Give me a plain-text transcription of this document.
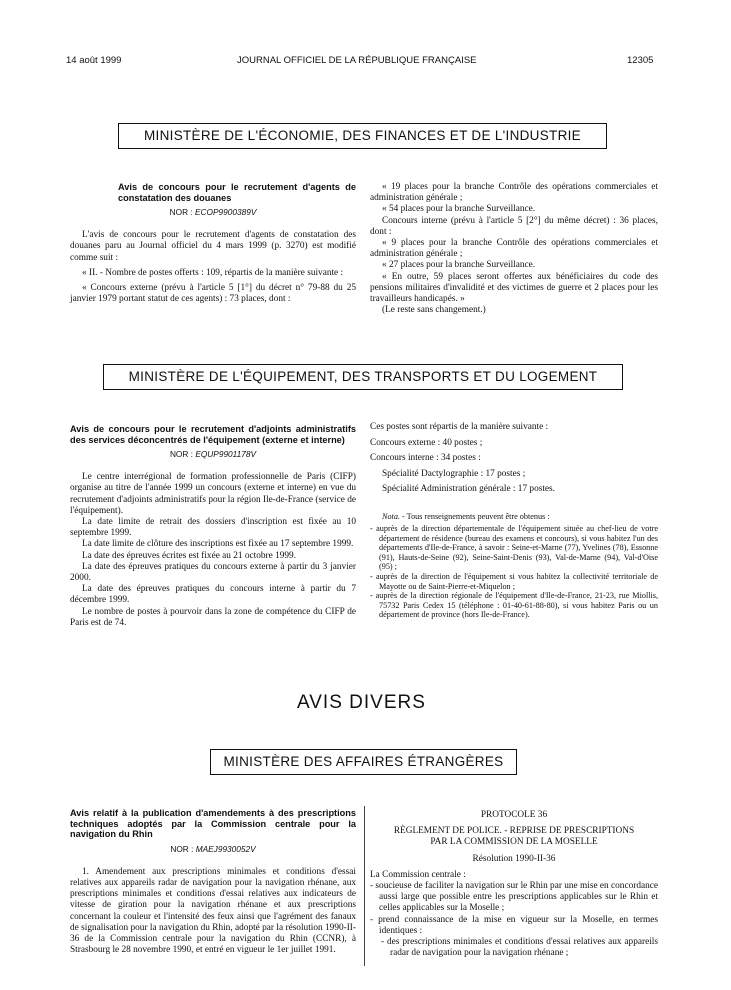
14 août 1999	JOURNAL OFFICIEL DE LA RÉPUBLIQUE FRANÇAISE	12305
MINISTÈRE DE L'ÉCONOMIE, DES FINANCES ET DE L'INDUSTRIE
Avis de concours pour le recrutement d'agents de constatation des douanes
NOR : ECOP9900389V

L'avis de concours pour le recrutement d'agents de constatation des douanes paru au Journal officiel du 4 mars 1999 (p. 3270) est modifié comme suit :

« II. - Nombre de postes offerts : 109, répartis de la manière suivante :

« Concours externe (prévu à l'article 5 [1°] du décret n° 79-88 du 25 janvier 1979 portant statut de ces agents) : 73 places, dont :

« 19 places pour la branche Contrôle des opérations commerciales et administration générale ;

« 54 places pour la branche Surveillance.

Concours interne (prévu à l'article 5 [2°] du même décret) : 36 places, dont :

« 9 places pour la branche Contrôle des opérations commerciales et administration générale ;

« 27 places pour la branche Surveillance.

« En outre, 59 places seront offertes aux bénéficiaires du code des pensions militaires d'invalidité et des victimes de guerre et 2 places pour les travailleurs handicapés. »

(Le reste sans changement.)

MINISTÈRE DE L'ÉQUIPEMENT, DES TRANSPORTS ET DU LOGEMENT
Avis de concours pour le recrutement d'adjoints administratifs des services déconcentrés de l'équipement (externe et interne)
NOR : EQUP9901178V

Le centre interrégional de formation professionnelle de Paris (CIFP) organise au titre de l'année 1999 un concours (externe et interne) en vue du recrutement d'adjoints administratifs pour la région Ile-de-France (service de l'équipement).

La date limite de retrait des dossiers d'inscription est fixée au 10 septembre 1999.

La date limite de clôture des inscriptions est fixée au 17 septembre 1999.

La date des épreuves écrites est fixée au 21 octobre 1999.

La date des épreuves pratiques du concours externe à partir du 3 janvier 2000.

La date des épreuves pratiques du concours interne à partir du 7 décembre 1999.

Le nombre de postes à pourvoir dans la zone de compétence du CIFP de Paris est de 74.

Ces postes sont répartis de la manière suivante :

Concours externe : 40 postes ;

Concours interne : 34 postes :

Spécialité Dactylographie : 17 postes ;

Spécialité Administration générale : 17 postes.

Nota. - Tous renseignements peuvent être obtenus :

- auprès de la direction départementale de l'équipement située au chef-lieu de votre département de résidence (bureau des examens et concours), si vous habitez l'un des départements d'Ile-de-France, à savoir : Seine-et-Marne (77), Yvelines (78), Essonne (91), Hauts-de-Seine (92), Seine-Saint-Denis (93), Val-de-Marne (94), Val-d'Oise (95) ;

- auprès de la direction de l'équipement si vous habitez la collectivité territoriale de Mayotte ou de Saint-Pierre-et-Miquelon ;

- auprès de la direction régionale de l'équipement d'Ile-de-France, 21-23, rue Miollis, 75732 Paris Cedex 15 (téléphone : 01-40-61-88-80), si vous habitez Paris ou un département de province (hors Ile-de-France).

AVIS DIVERS
MINISTÈRE DES AFFAIRES ÉTRANGÈRES
Avis relatif à la publication d'amendements à des prescriptions techniques adoptés par la Commission centrale pour la navigation du Rhin
NOR : MAEJ9930052V

1. Amendement aux prescriptions minimales et conditions d'essai relatives aux appareils radar de navigation pour la navigation rhénane, aux prescriptions minimales et conditions d'essai relatives aux indicateurs de vitesse de giration pour la navigation rhénane et aux prescriptions concernant la couleur et l'intensité des feux ainsi que l'agrément des fanaux de signalisation pour la navigation du Rhin, adopté par la résolution 1990-II-36 de la Commission centrale pour la navigation du Rhin (CCNR), à Strasbourg le 28 novembre 1990, et entré en vigueur le 1er juillet 1991.

PROTOCOLE 36

RÈGLEMENT DE POLICE. - REPRISE DE PRESCRIPTIONS

PAR LA COMMISSION DE LA MOSELLE

Résolution 1990-II-36

La Commission centrale :

- soucieuse de faciliter la navigation sur le Rhin par une mise en concordance aussi large que possible entre les prescriptions applicables sur le Rhin et celles applicables sur la Moselle ;

- prend connaissance de la mise en vigueur sur la Moselle, en termes identiques :

- des prescriptions minimales et conditions d'essai relatives aux appareils radar de navigation pour la navigation rhénane ;
